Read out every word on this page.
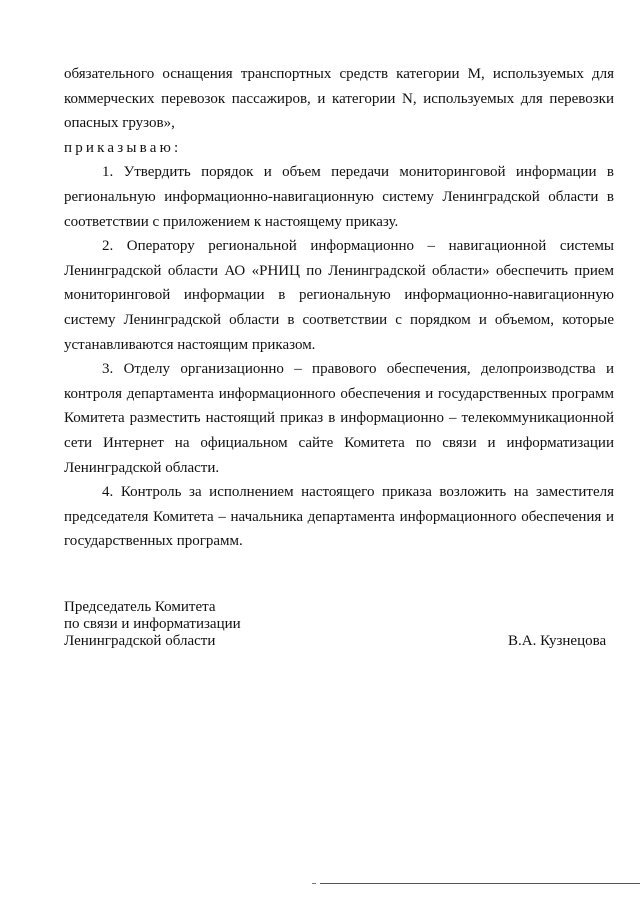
обязательного оснащения транспортных средств категории М, используемых для коммерческих перевозок пассажиров, и категории N, используемых для перевозки опасных грузов»,

приказываю:

1. Утвердить порядок и объем передачи мониторинговой информации в региональную информационно-навигационную систему Ленинградской области в соответствии с приложением к настоящему приказу.

2. Оператору региональной информационно – навигационной системы Ленинградской области АО «РНИЦ по Ленинградской области» обеспечить прием мониторинговой информации в региональную информационно-навигационную систему Ленинградской области в соответствии с порядком и объемом, которые устанавливаются настоящим приказом.

3. Отделу организационно – правового обеспечения, делопроизводства и контроля департамента информационного обеспечения и государственных программ Комитета разместить настоящий приказ в информационно – телекоммуникационной сети Интернет на официальном сайте Комитета по связи и информатизации Ленинградской области.

4. Контроль за исполнением настоящего приказа возложить на заместителя председателя Комитета – начальника департамента информационного обеспечения и государственных программ.

Председатель Комитета
по связи и информатизации
Ленинградской области	В.А. Кузнецова
